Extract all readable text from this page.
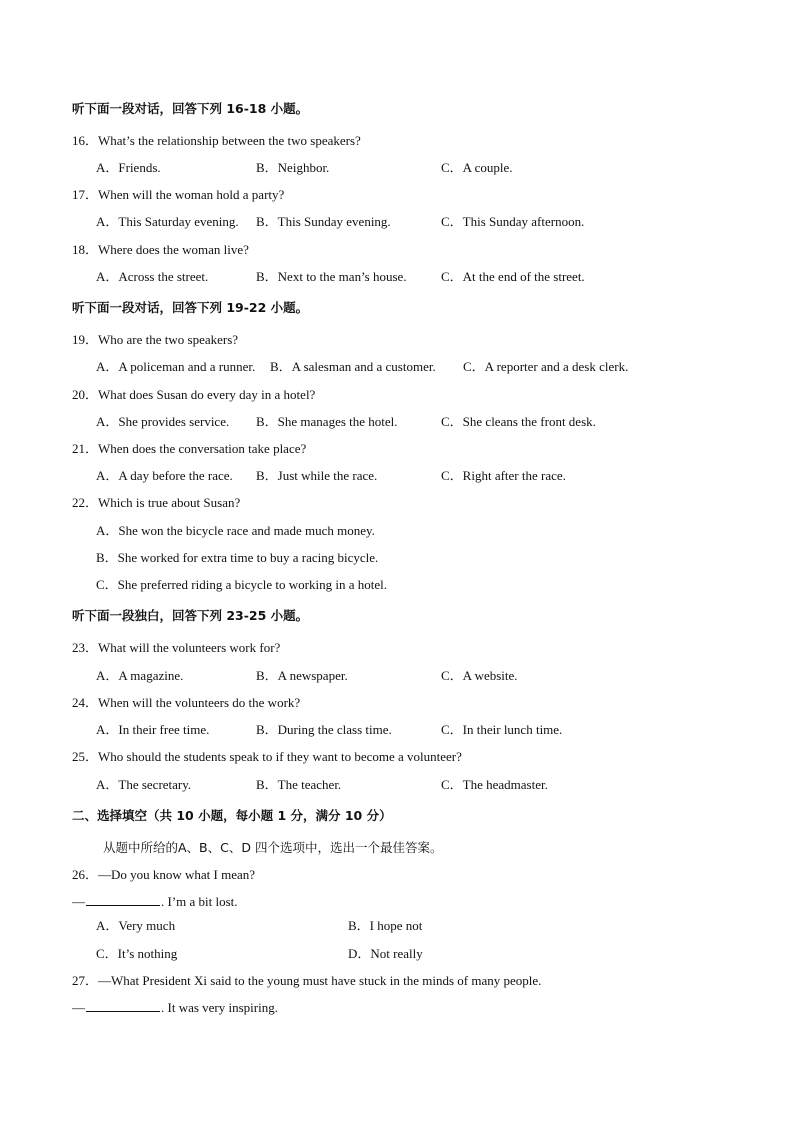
听下面一段对话，回答下列 16-18 小题。
16．What’s the relationship between the two speakers?
A．Friends.	B．Neighbor.	C．A couple.
17．When will the woman hold a party?
A．This Saturday evening. B．This Sunday evening.	C．This Sunday afternoon.
18．Where does the woman live?
A．Across the street.	B．Next to the man’s house.	C．At the end of the street.
听下面一段对话，回答下列 19-22 小题。
19．Who are the two speakers?
A．A policeman and a runner. B．A salesman and a customer. C．A reporter and a desk clerk.
20．What does Susan do every day in a hotel?
A．She provides service. B．She manages the hotel.	C．She cleans the front desk.
21．When does the conversation take place?
A．A day before the race. B．Just while the race.	C．Right after the race.
22．Which is true about Susan?
A．She won the bicycle race and made much money.
B．She worked for extra time to buy a racing bicycle.
C．She preferred riding a bicycle to working in a hotel.
听下面一段独白，回答下列 23-25 小题。
23．What will the volunteers work for?
A．A magazine.	B．A newspaper.	C．A website.
24．When will the volunteers do the work?
A．In their free time.	B．During the class time.	C．In their lunch time.
25．Who should the students speak to if they want to become a volunteer?
A．The secretary.	B．The teacher.	C．The headmaster.
二、选择填空（共 10 小题，每小题 1 分，满分 10 分）
从题中所给的A、B、C、D 四个选项中，选出一个最佳答案。
26．—Do you know what I mean?
—	. I’m a bit lost.
A．Very much	B．I hope not
C．It’s nothing	D．Not really
27．—What President Xi said to the young must have stuck in the minds of many people.
—	. It was very inspiring.
